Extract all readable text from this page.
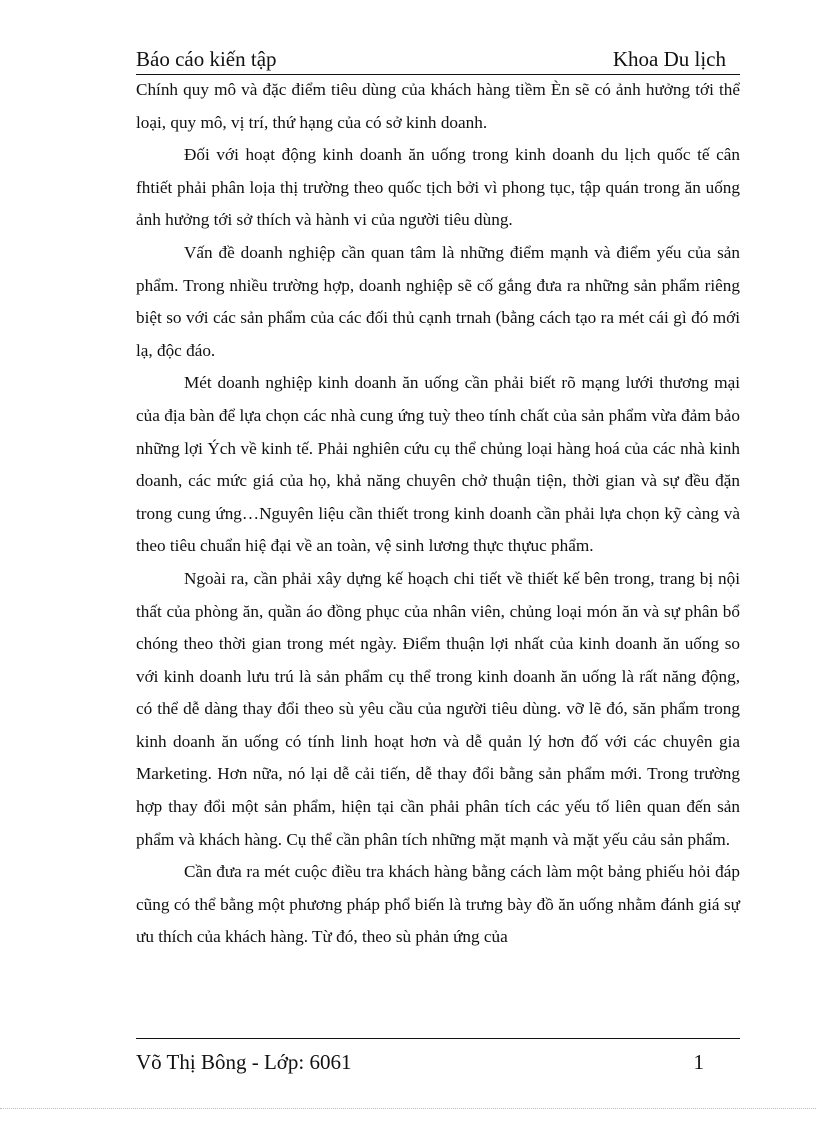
Báo cáo kiến tập	Khoa Du lịch

Chính quy mô và đặc điểm tiêu dùng của khách hàng tiềm Èn sẽ có ảnh hưởng tới thể loại, quy mô, vị trí, thứ hạng của có sở kinh doanh.

Đối với hoạt động kinh doanh ăn uống trong kinh doanh du lịch quốc tế cân fhtiết phải phân loịa thị trường theo quốc tịch bởi vì phong tục, tập quán trong ăn uống ảnh hưởng tới sở thích và hành vi của người tiêu dùng.

Vấn đề doanh nghiệp cần quan tâm là những điểm mạnh và điểm yếu của sản phẩm. Trong nhiều trường hợp, doanh nghiệp sẽ cố gắng đưa ra những sản phẩm riêng biệt so với các sản phẩm của các đối thủ cạnh trnah (bằng cách tạo ra mét cái gì đó mới lạ, độc đáo.

Mét doanh nghiệp kinh doanh ăn uống cần phải biết rõ mạng lưới thương mại của địa bàn để lựa chọn các nhà cung ứng tuỳ theo tính chất của sản phẩm vừa đảm bảo những lợi Ých về kinh tế. Phải nghiên cứu cụ thể chủng loại hàng hoá của các nhà kinh doanh, các mức giá của họ, khả năng chuyên chở thuận tiện, thời gian và sự đều đặn trong cung ứng…Nguyên liệu cần thiết trong kinh doanh cần phải lựa chọn kỹ càng và theo tiêu chuẩn hiệ đại về an toàn, vệ sinh lương thực thựuc phẩm.

Ngoài ra, cần phải xây dựng kế hoạch chi tiết về thiết kế bên trong, trang bị nội thất của phòng ăn, quần áo đồng phục của nhân viên, chủng loại món ăn và sự phân bổ chóng theo thời gian trong mét ngày. Điểm thuận lợi nhất của kinh doanh ăn uống so với kinh doanh lưu trú là sản phẩm cụ thể trong kinh doanh ăn uống là rất năng động, có thể dễ dàng thay đổi theo sù yêu cầu của người tiêu dùng. vỡ lẽ đó, săn phẩm trong kinh doanh ăn uống có tính linh hoạt hơn và dễ quản lý hơn đố với các chuyên gia Marketing. Hơn nữa, nó lại dễ cải tiến, dễ thay đổi bằng sản phẩm mới. Trong trường hợp thay đổi một sản phẩm, hiện tại cần phải phân tích các yếu tố liên quan đến sản phẩm và khách hàng. Cụ thể cần phân tích những mặt mạnh và mặt yếu cảu sản phẩm.

Cần đưa ra mét cuộc điều tra khách hàng bằng cách làm một bảng phiếu hỏi đáp cũng có thể bằng một phương pháp phổ biến là trưng bày đồ ăn uống nhằm đánh giá sự ưu thích của khách hàng. Từ đó, theo sù phản ứng của

Võ Thị Bông - Lớp: 6061	1
